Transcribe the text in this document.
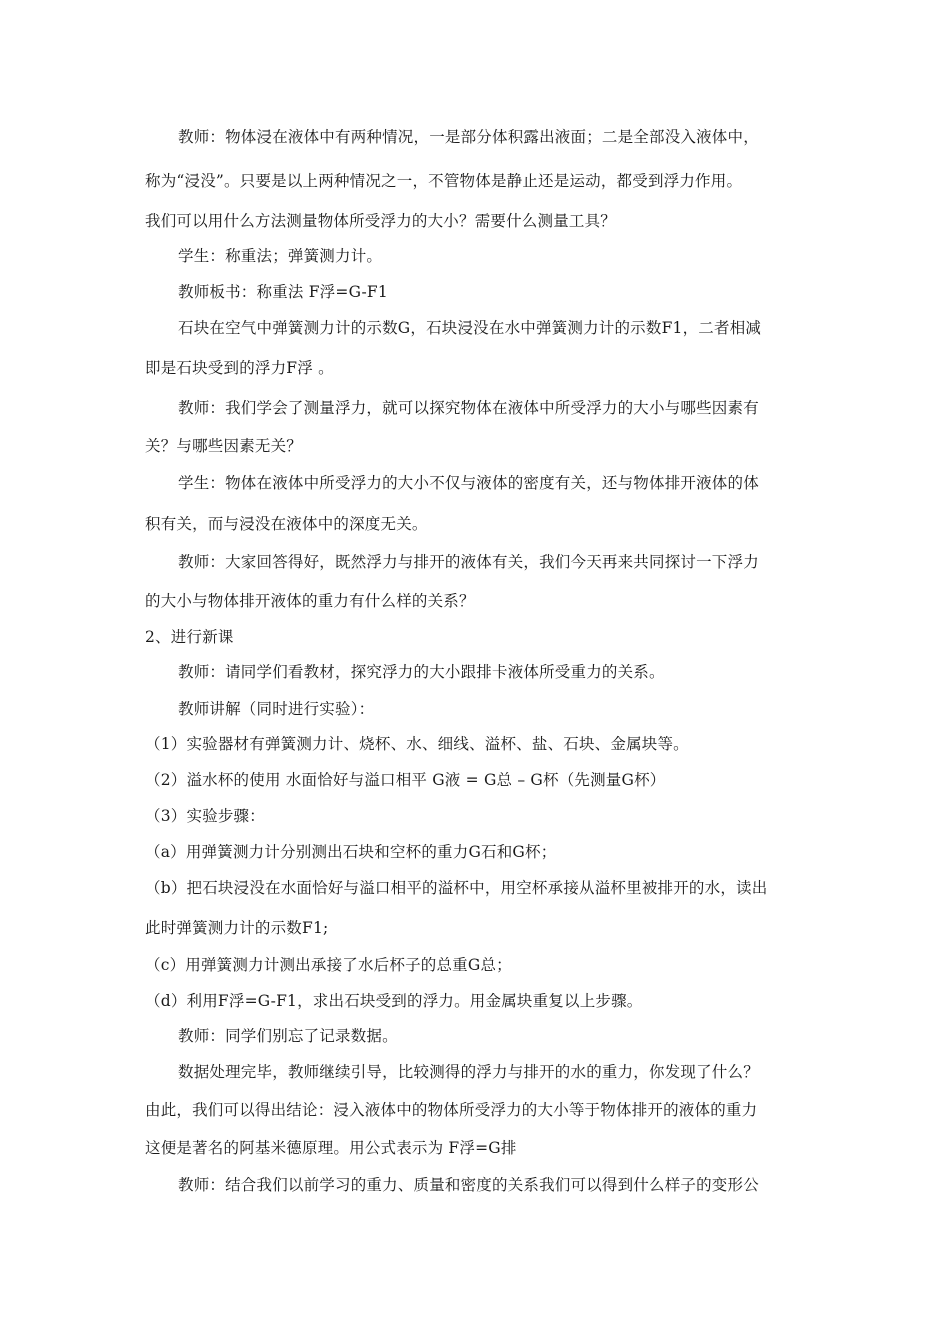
教师：物体浸在液体中有两种情况，一是部分体积露出液面；二是全部没入液体中，
称为“浸没”。只要是以上两种情况之一，不管物体是静止还是运动，都受到浮力作用。
我们可以用什么方法测量物体所受浮力的大小？需要什么测量工具？
学生：称重法；弹簧测力计。
教师板书：称重法 F浮=G-F1
石块在空气中弹簧测力计的示数G，石块浸没在水中弹簧测力计的示数F1，二者相减
即是石块受到的浮力F浮 。
教师：我们学会了测量浮力，就可以探究物体在液体中所受浮力的大小与哪些因素有
关？与哪些因素无关？
学生：物体在液体中所受浮力的大小不仅与液体的密度有关，还与物体排开液体的体
积有关，而与浸没在液体中的深度无关。
教师：大家回答得好，既然浮力与排开的液体有关，我们今天再来共同探讨一下浮力
的大小与物体排开液体的重力有什么样的关系？
2、进行新课
教师：请同学们看教材，探究浮力的大小跟排卡液体所受重力的关系。
教师讲解（同时进行实验）：
（1）实验器材有弹簧测力计、烧杯、水、细线、溢杯、盐、石块、金属块等。
（2）溢水杯的使用 水面恰好与溢口相平 G液 = G总 – G杯（先测量G杯）
（3）实验步骤：
（a）用弹簧测力计分别测出石块和空杯的重力G石和G杯；
（b）把石块浸没在水面恰好与溢口相平的溢杯中，用空杯承接从溢杯里被排开的水，读出
此时弹簧测力计的示数F1;
（c）用弹簧测力计测出承接了水后杯子的总重G总；
（d）利用F浮=G-F1，求出石块受到的浮力。用金属块重复以上步骤。
教师：同学们别忘了记录数据。
数据处理完毕，教师继续引导，比较测得的浮力与排开的水的重力，你发现了什么？
由此，我们可以得出结论：浸入液体中的物体所受浮力的大小等于物体排开的液体的重力
这便是著名的阿基米德原理。用公式表示为 F浮=G排
教师：结合我们以前学习的重力、质量和密度的关系我们可以得到什么样子的变形公
